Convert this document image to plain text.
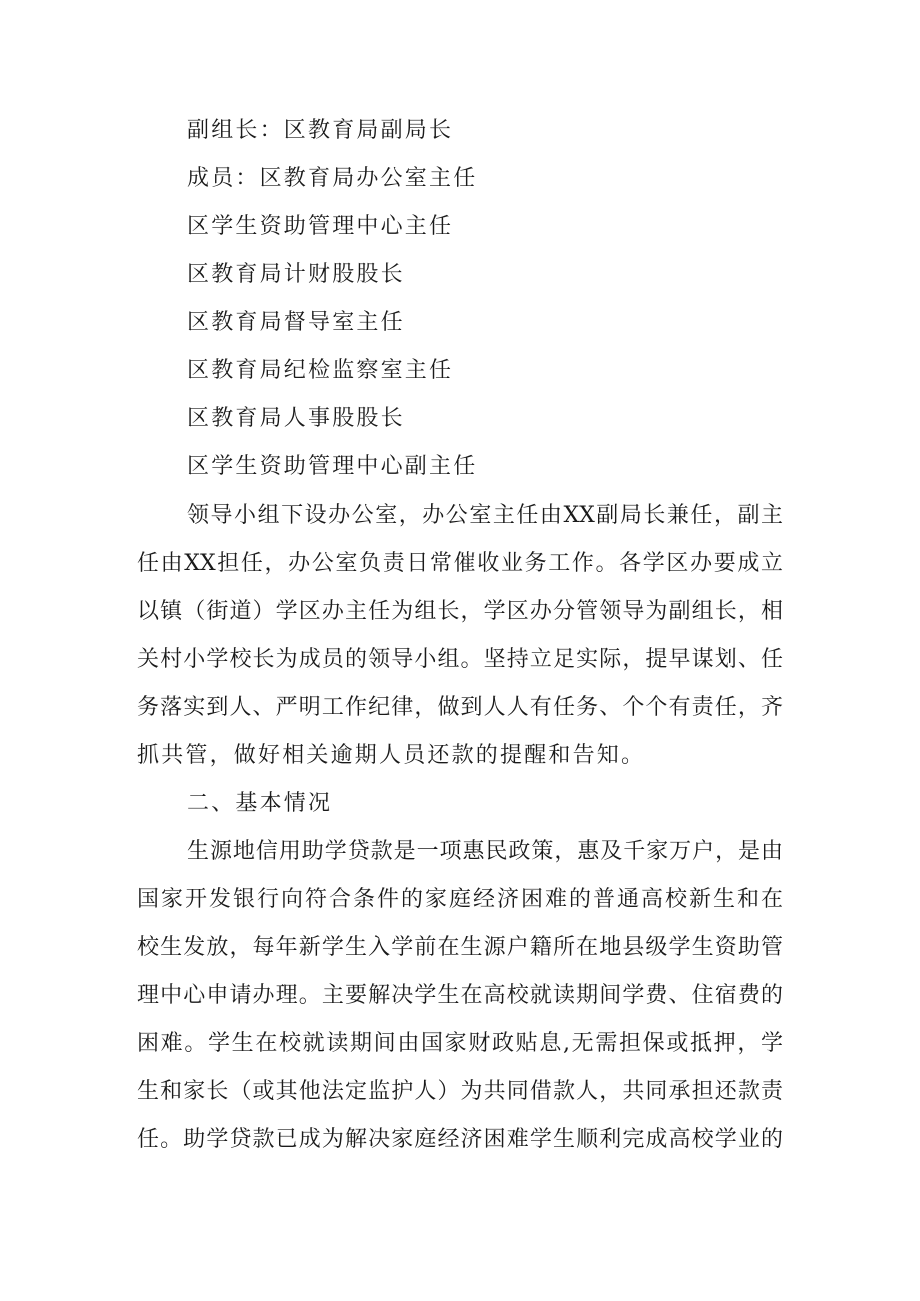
副组长：区教育局副局长
成员：区教育局办公室主任
区学生资助管理中心主任
区教育局计财股股长
区教育局督导室主任
区教育局纪检监察室主任
区教育局人事股股长
区学生资助管理中心副主任
领导小组下设办公室，办公室主任由XX副局长兼任，副主
任由XX担任，办公室负责日常催收业务工作。各学区办要成立
以镇（街道）学区办主任为组长，学区办分管领导为副组长，相
关村小学校长为成员的领导小组。坚持立足实际，提早谋划、任
务落实到人、严明工作纪律，做到人人有任务、个个有责任，齐
抓共管，做好相关逾期人员还款的提醒和告知。
二、基本情况
生源地信用助学贷款是一项惠民政策，惠及千家万户，是由
国家开发银行向符合条件的家庭经济困难的普通高校新生和在
校生发放，每年新学生入学前在生源户籍所在地县级学生资助管
理中心申请办理。主要解决学生在高校就读期间学费、住宿费的
困难。学生在校就读期间由国家财政贴息,无需担保或抵押，学
生和家长（或其他法定监护人）为共同借款人，共同承担还款责
任。助学贷款已成为解决家庭经济困难学生顺利完成高校学业的
